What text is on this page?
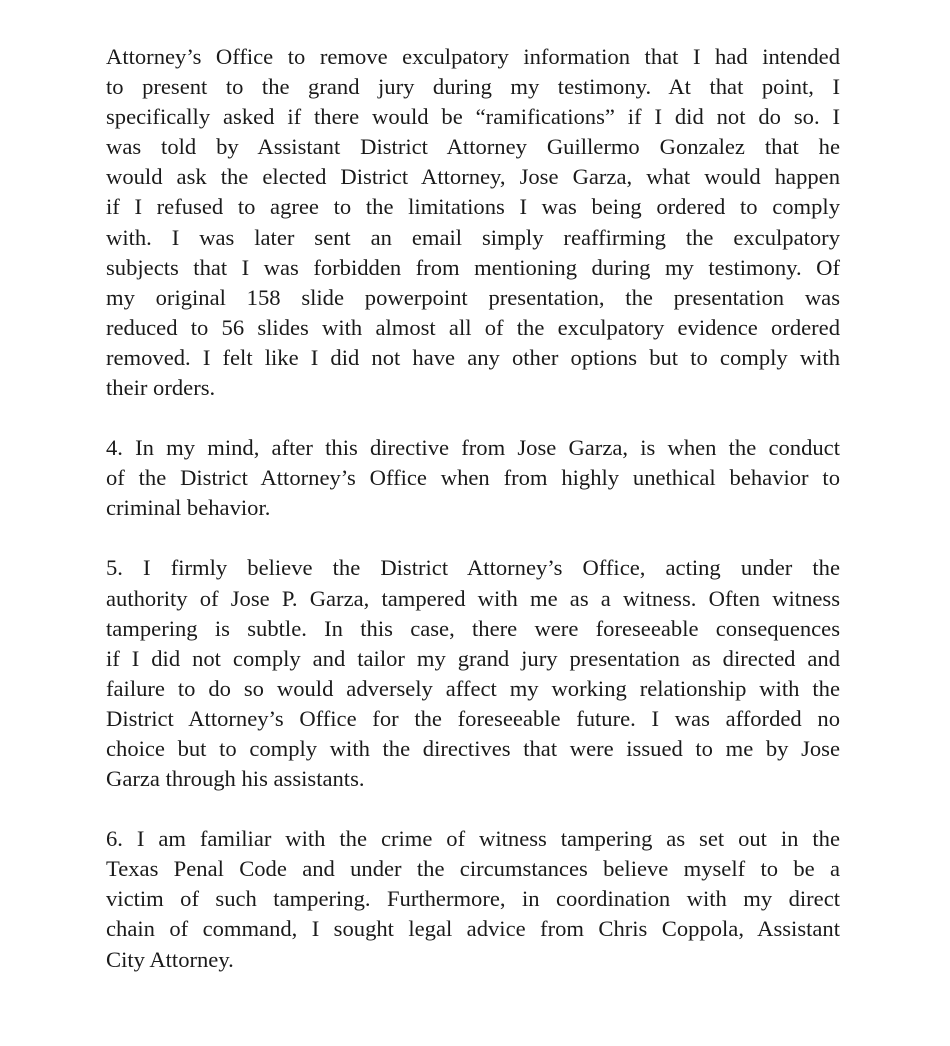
Attorney’s Office to remove exculpatory information that I had intended
to present to the grand jury during my testimony. At that point, I
specifically asked if there would be “ramifications” if I did not do so. I
was told by Assistant District Attorney Guillermo Gonzalez that he
would ask the elected District Attorney, Jose Garza, what would happen
if I refused to agree to the limitations I was being ordered to comply
with. I was later sent an email simply reaffirming the exculpatory
subjects that I was forbidden from mentioning during my testimony. Of
my original 158 slide powerpoint presentation, the presentation was
reduced to 56 slides with almost all of the exculpatory evidence ordered
removed. I felt like I did not have any other options but to comply with
their orders.

4. In my mind, after this directive from Jose Garza, is when the conduct
of the District Attorney’s Office when from highly unethical behavior to
criminal behavior.

5. I firmly believe the District Attorney’s Office, acting under the
authority of Jose P. Garza, tampered with me as a witness. Often witness
tampering is subtle. In this case, there were foreseeable consequences
if I did not comply and tailor my grand jury presentation as directed and
failure to do so would adversely affect my working relationship with the
District Attorney’s Office for the foreseeable future. I was afforded no
choice but to comply with the directives that were issued to me by Jose
Garza through his assistants.

6. I am familiar with the crime of witness tampering as set out in the
Texas Penal Code and under the circumstances believe myself to be a
victim of such tampering. Furthermore, in coordination with my direct
chain of command, I sought legal advice from Chris Coppola, Assistant
City Attorney.
